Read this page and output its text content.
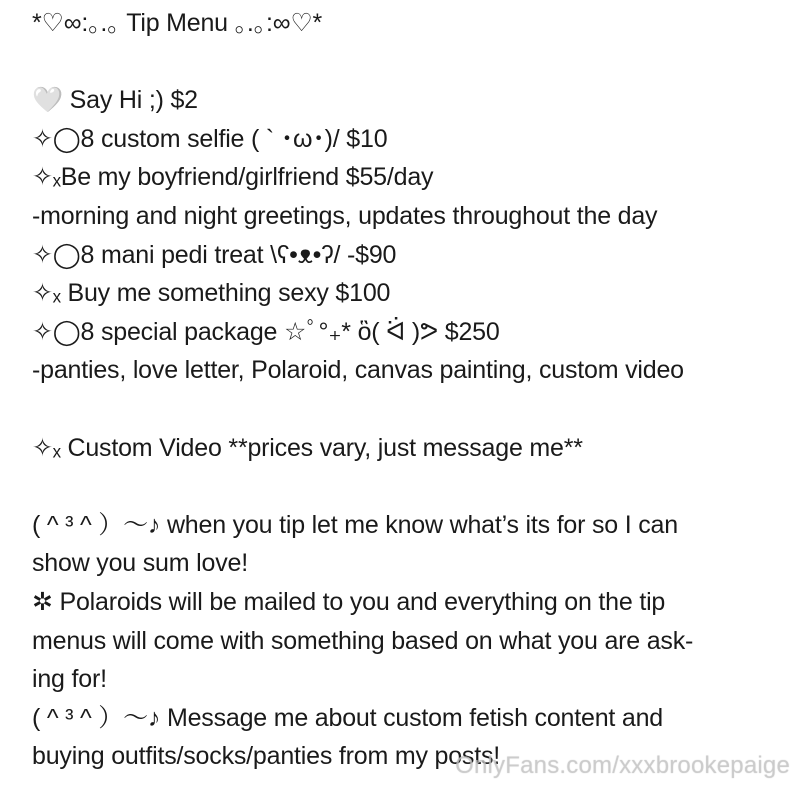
*♡∞:｡.｡ Tip Menu ｡.｡:∞♡*
🤍 Say Hi ;) $2
✧◯8 custom selfie ( ` ･ω･)/ $10
✧ₓBe my boyfriend/girlfriend $55/day
-morning and night greetings, updates throughout the day
✧◯8 mani pedi treat \ʕ•ᴥ•ʔ/ -$90
✧ₓ Buy me something sexy $100
✧◯8 special package ☆ﾟ°₊* ὃ( ᐛ )ᕗ $250
-panties, love letter, Polaroid, canvas painting, custom video
✧ₓ Custom Video **prices vary, just message me**
( ^ ³ ^ ）～♪ when you tip let me know what’s its for so I can
show you sum love!
✲ Polaroids will be mailed to you and everything on the tip
menus will come with something based on what you are ask-
ing for!
( ^ ³ ^ ）～♪ Message me about custom fetish content and
buying outfits/socks/panties from my posts!
OnlyFans.com/xxxbrookepaige
